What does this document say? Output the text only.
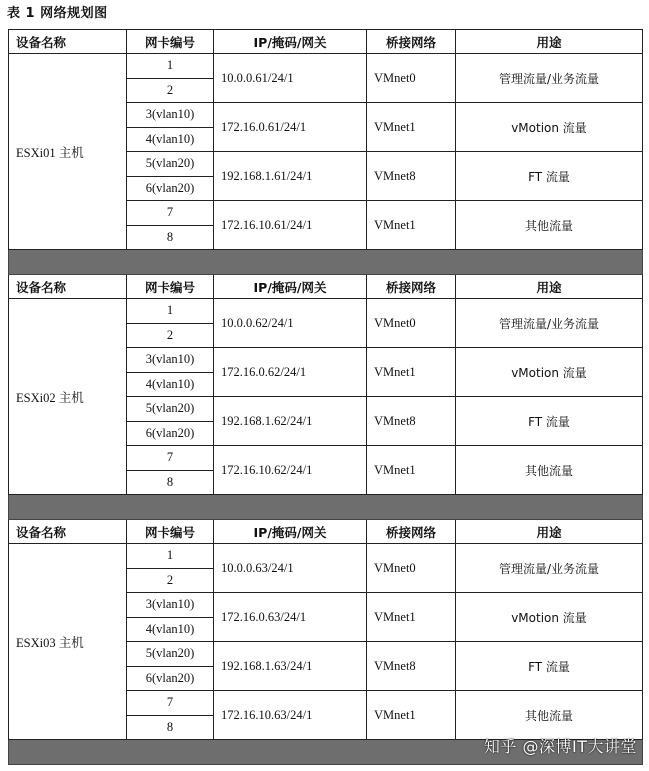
表 1 网络规划图
设备名称	网卡编号	IP/掩码/网关	桥接网络	用途
ESXi01 主机	1	10.0.0.61/24/1	VMnet0	管理流量/业务流量
	2			
	3(vlan10)	172.16.0.61/24/1	VMnet1	vMotion 流量
	4(vlan10)			
	5(vlan20)	192.168.1.61/24/1	VMnet8	FT 流量
	6(vlan20)			
	7	172.16.10.61/24/1	VMnet1	其他流量
	8			

设备名称	网卡编号	IP/掩码/网关	桥接网络	用途
ESXi02 主机	1	10.0.0.62/24/1	VMnet0	管理流量/业务流量
	2			
	3(vlan10)	172.16.0.62/24/1	VMnet1	vMotion 流量
	4(vlan10)			
	5(vlan20)	192.168.1.62/24/1	VMnet8	FT 流量
	6(vlan20)			
	7	172.16.10.62/24/1	VMnet1	其他流量
	8			

设备名称	网卡编号	IP/掩码/网关	桥接网络	用途
ESXi03 主机	1	10.0.0.63/24/1	VMnet0	管理流量/业务流量
	2			
	3(vlan10)	172.16.0.63/24/1	VMnet1	vMotion 流量
	4(vlan10)			
	5(vlan20)	192.168.1.63/24/1	VMnet8	FT 流量
	6(vlan20)			
	7	172.16.10.63/24/1	VMnet1	其他流量
	8			

知乎 @深博IT大讲堂
